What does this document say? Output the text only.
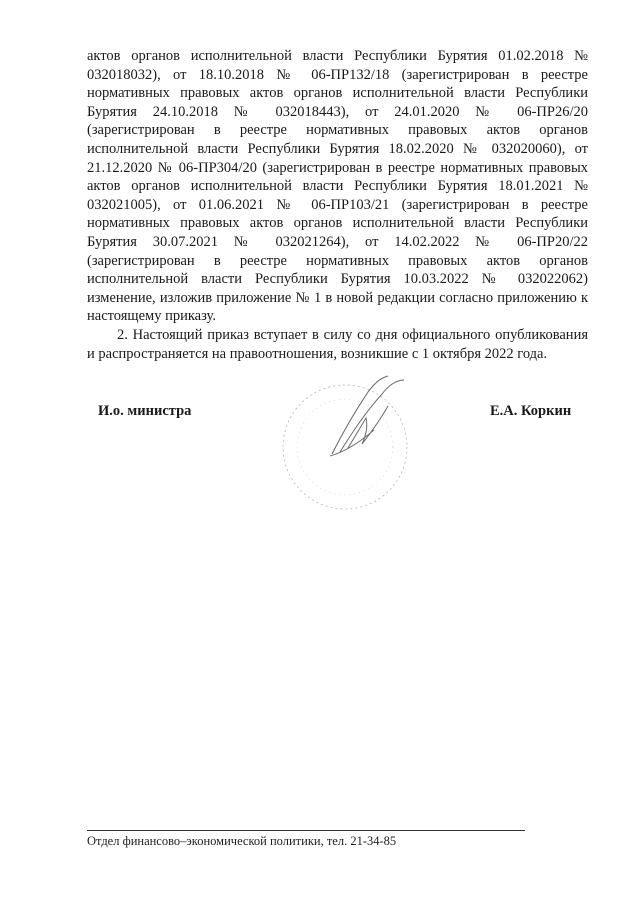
актов органов исполнительной власти Республики Бурятия 01.02.2018 № 032018032), от 18.10.2018 № 06-ПР132/18 (зарегистрирован в реестре нормативных правовых актов органов исполнительной власти Республики Бурятия 24.10.2018 № 032018443), от 24.01.2020 № 06-ПР26/20 (зарегистрирован в реестре нормативных правовых актов органов исполнительной власти Республики Бурятия 18.02.2020 № 032020060), от 21.12.2020 № 06-ПР304/20 (зарегистрирован в реестре нормативных правовых актов органов исполнительной власти Республики Бурятия 18.01.2021 № 032021005), от 01.06.2021 № 06-ПР103/21 (зарегистрирован в реестре нормативных правовых актов органов исполнительной власти Республики Бурятия 30.07.2021 № 032021264), от 14.02.2022 № 06-ПР20/22 (зарегистрирован в реестре нормативных правовых актов органов исполнительной власти Республики Бурятия 10.03.2022 № 032022062) изменение, изложив приложение № 1 в новой редакции согласно приложению к настоящему приказу.

2. Настоящий приказ вступает в силу со дня официального опубликования и распространяется на правоотношения, возникшие с 1 октября 2022 года.

И.о. министра	Е.А. Коркин
Отдел финансово–экономической политики, тел. 21-34-85
